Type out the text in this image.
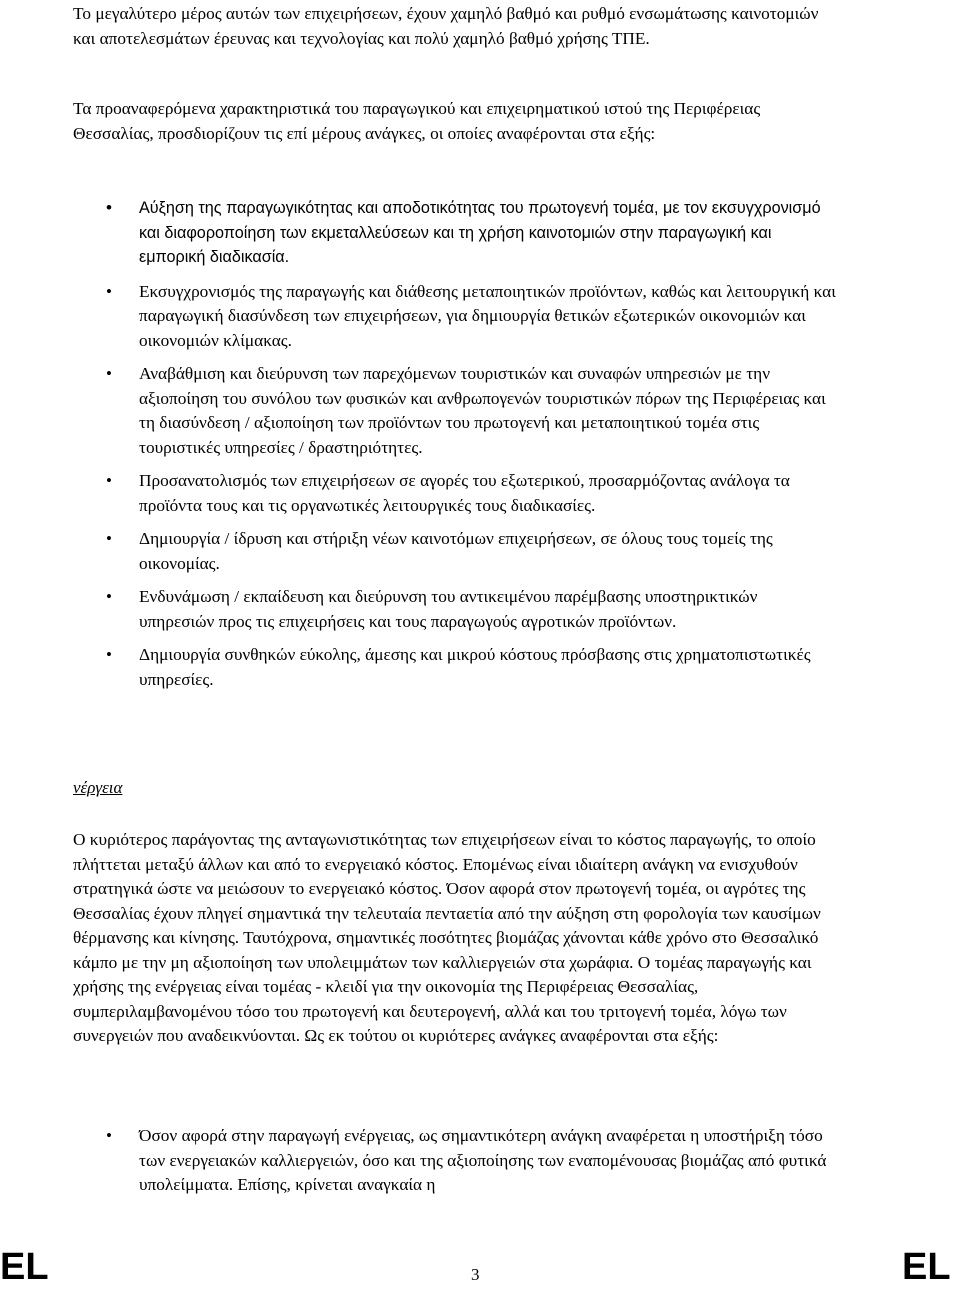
Το μεγαλύτερο μέρος αυτών των επιχειρήσεων, έχουν χαμηλό βαθμό και ρυθμό ενσωμάτωσης καινοτομιών και αποτελεσμάτων έρευνας και τεχνολογίας και πολύ χαμηλό βαθμό χρήσης ΤΠΕ.

Τα προαναφερόμενα χαρακτηριστικά του παραγωγικού και επιχειρηματικού ιστού της Περιφέρειας Θεσσαλίας, προσδιορίζουν τις επί μέρους ανάγκες, οι οποίες αναφέρονται στα εξής:

• Αύξηση της παραγωγικότητας και αποδοτικότητας του πρωτογενή τομέα, με τον εκσυγχρονισμό και διαφοροποίηση των εκμεταλλεύσεων και τη χρήση καινοτομιών στην παραγωγική και εμπορική διαδικασία.
• Εκσυγχρονισμός της παραγωγής και διάθεσης μεταποιητικών προϊόντων, καθώς και λειτουργική και παραγωγική διασύνδεση των επιχειρήσεων, για δημιουργία θετικών εξωτερικών οικονομιών και οικονομιών κλίμακας.
• Αναβάθμιση και διεύρυνση των παρεχόμενων τουριστικών και συναφών υπηρεσιών με την αξιοποίηση του συνόλου των φυσικών και ανθρωπογενών τουριστικών πόρων της Περιφέρειας και τη διασύνδεση / αξιοποίηση των προϊόντων του πρωτογενή και μεταποιητικού τομέα στις τουριστικές υπηρεσίες / δραστηριότητες.
• Προσανατολισμός των επιχειρήσεων σε αγορές του εξωτερικού, προσαρμόζοντας ανάλογα τα προϊόντα τους και τις οργανωτικές λειτουργικές τους διαδικασίες.
• Δημιουργία / ίδρυση και στήριξη νέων καινοτόμων επιχειρήσεων, σε όλους τους τομείς της οικονομίας.
• Ενδυνάμωση / εκπαίδευση και διεύρυνση του αντικειμένου παρέμβασης υποστηρικτικών υπηρεσιών προς τις επιχειρήσεις και τους παραγωγούς αγροτικών προϊόντων.
• Δημιουργία συνθηκών εύκολης, άμεσης και μικρού κόστους πρόσβασης στις χρηματοπιστωτικές υπηρεσίες.
νέργεια

Ο κυριότερος παράγοντας της ανταγωνιστικότητας των επιχειρήσεων είναι το κόστος παραγωγής, το οποίο πλήττεται μεταξύ άλλων και από το ενεργειακό κόστος. Επομένως είναι ιδιαίτερη ανάγκη να ενισχυθούν στρατηγικά ώστε να μειώσουν το ενεργειακό κόστος. Όσον αφορά στον πρωτογενή τομέα, οι αγρότες της Θεσσαλίας έχουν πληγεί σημαντικά την τελευταία πενταετία από την αύξηση στη φορολογία των καυσίμων θέρμανσης και κίνησης. Ταυτόχρονα, σημαντικές ποσότητες βιομάζας χάνονται κάθε χρόνο στο Θεσσαλικό κάμπο με την μη αξιοποίηση των υπολειμμάτων των καλλιεργειών στα χωράφια. Ο τομέας παραγωγής και χρήσης της ενέργειας είναι τομέας - κλειδί για την οικονομία της Περιφέρειας Θεσσαλίας, συμπεριλαμβανομένου τόσο του πρωτογενή και δευτερογενή, αλλά και του τριτογενή τομέα, λόγω των συνεργειών που αναδεικνύονται. Ως εκ τούτου οι κυριότερες ανάγκες αναφέρονται στα εξής:

• Όσον αφορά στην παραγωγή ενέργειας, ως σημαντικότερη ανάγκη αναφέρεται η υποστήριξη τόσο των ενεργειακών καλλιεργειών, όσο και της αξιοποίησης των εναπομένουσας βιομάζας από φυτικά υπολείμματα. Επίσης, κρίνεται αναγκαία η
EL	3	EL
